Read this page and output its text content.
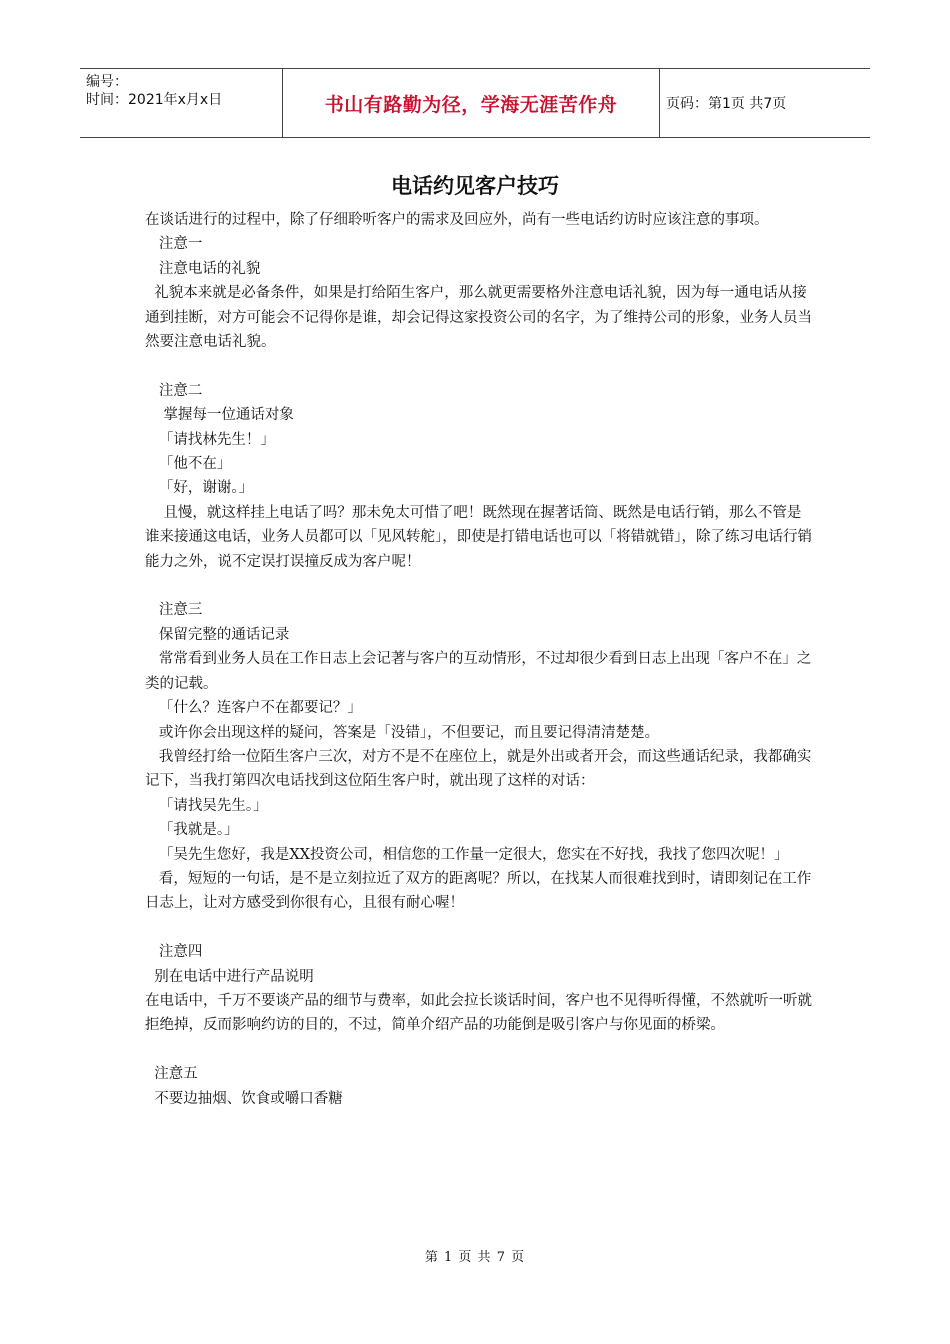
编号：
时间：2021年x月x日	书山有路勤为径，学海无涯苦作舟	页码：第1页 共7页
电话约见客户技巧

在谈话进行的过程中，除了仔细聆听客户的需求及回应外，尚有一些电话约访时应该注意的事项。

注意一

注意电话的礼貌

礼貌本来就是必备条件，如果是打给陌生客户，那么就更需要格外注意电话礼貌，因为每一通电话从接通到挂断，对方可能会不记得你是谁，却会记得这家投资公司的名字，为了维持公司的形象，业务人员当然要注意电话礼貌。

注意二

掌握每一位通话对象

「请找林先生！」

「他不在」

「好，谢谢。」

且慢，就这样挂上电话了吗？那未免太可惜了吧！既然现在握著话筒、既然是电话行销，那么不管是谁来接通这电话，业务人员都可以「见风转舵」，即使是打错电话也可以「将错就错」，除了练习电话行销能力之外，说不定误打误撞反成为客户呢！

注意三

保留完整的通话记录

常常看到业务人员在工作日志上会记著与客户的互动情形，不过却很少看到日志上出现「客户不在」之类的记载。

「什么？连客户不在都要记？」

或许你会出现这样的疑问，答案是「没错」，不但要记，而且要记得清清楚楚。

我曾经打给一位陌生客户三次，对方不是不在座位上，就是外出或者开会，而这些通话纪录，我都确实记下，当我打第四次电话找到这位陌生客户时，就出现了这样的对话：

「请找吴先生。」

「我就是。」

「吴先生您好，我是XX投资公司，相信您的工作量一定很大，您实在不好找，我找了您四次呢！」

看，短短的一句话，是不是立刻拉近了双方的距离呢？所以，在找某人而很难找到时，请即刻记在工作日志上，让对方感受到你很有心，且很有耐心喔！

注意四

别在电话中进行产品说明

在电话中，千万不要谈产品的细节与费率，如此会拉长谈话时间，客户也不见得听得懂，不然就听一听就拒绝掉，反而影响约访的目的，不过，简单介绍产品的功能倒是吸引客户与你见面的桥梁。

注意五

不要边抽烟、饮食或嚼口香糖

第 1 页 共 7 页
